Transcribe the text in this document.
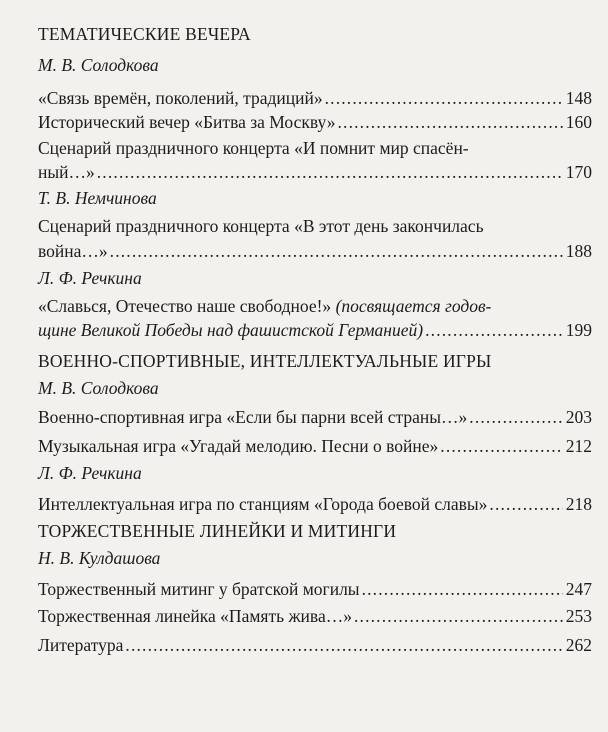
ТЕМАТИЧЕСКИЕ ВЕЧЕРА
М. В. Солодкова
«Связь времён, поколений, традиций» . . .	148
Исторический вечер «Битва за Москву» . . .	160
Сценарий праздничного концерта «И помнит мир спасён-
ный…» . . .	170
Т. В. Немчинова
Сценарий праздничного концерта «В этот день закончилась
война…» . . .	188
Л. Ф. Речкина
«Славься, Отечество наше свободное!» (посвящается годов-
щине Великой Победы над фашистской Германией) . . .	199
ВОЕННО-СПОРТИВНЫЕ, ИНТЕЛЛЕКТУАЛЬНЫЕ ИГРЫ
М. В. Солодкова
Военно-спортивная игра «Если бы парни всей страны…» . . .	203
Музыкальная игра «Угадай мелодию. Песни о войне» . . .	212
Л. Ф. Речкина
Интеллектуальная игра по станциям «Города боевой славы» . . .	218
ТОРЖЕСТВЕННЫЕ ЛИНЕЙКИ И МИТИНГИ
Н. В. Кулдашова
Торжественный митинг у братской могилы . . .	247
Торжественная линейка «Память жива…» . . .	253
Литература . . .	262
